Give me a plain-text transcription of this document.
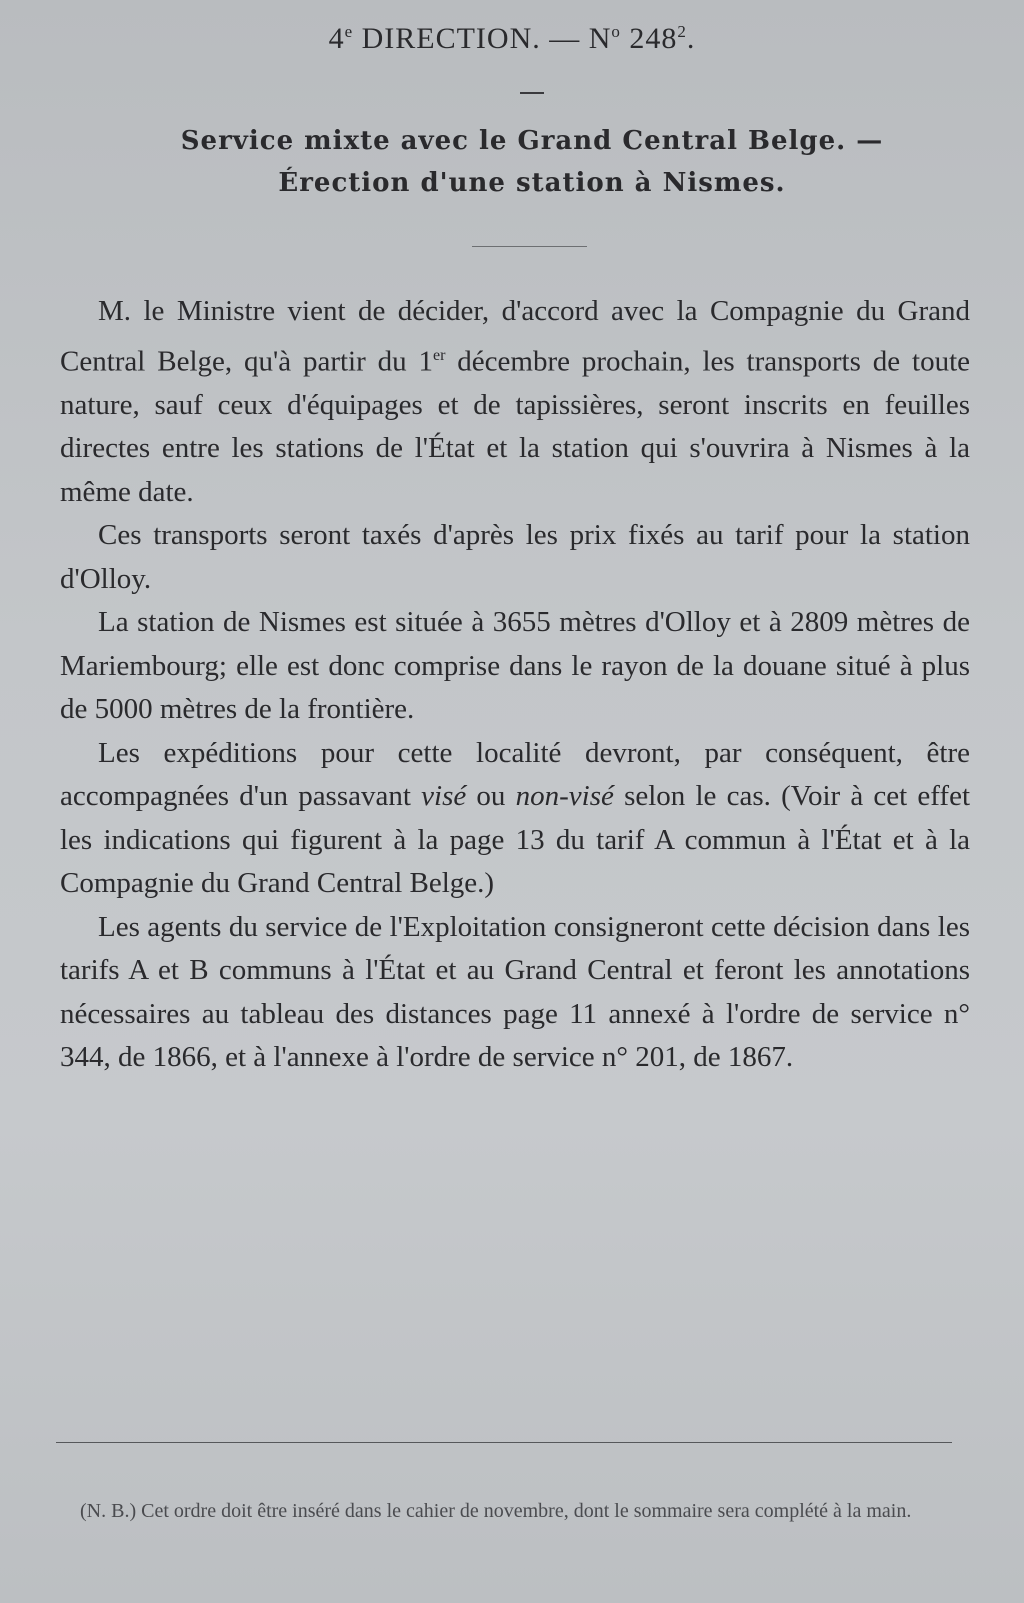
4e DIRECTION. — $N^o$ $248^2$.
Service mixte avec le Grand Central Belge. —
Érection d'une station à Nismes.

M. le Ministre vient de décider, d'accord avec la Compagnie du Grand Central Belge, qu'à partir du 1er décembre prochain, les transports de toute nature, sauf ceux d'équipages et de tapissières, seront inscrits en feuilles directes entre les stations de l'État et la station qui s'ouvrira à Nismes à la même date.

Ces transports seront taxés d'après les prix fixés au tarif pour la station d'Olloy.

La station de Nismes est située à 3655 mètres d'Olloy et à 2809 mètres de Mariembourg; elle est donc comprise dans le rayon de la douane situé à plus de 5000 mètres de la frontière.

Les expéditions pour cette localité devront, par conséquent, être accompagnées d'un passavant visé ou non-visé selon le cas. (Voir à cet effet les indications qui figurent à la page 13 du tarif A commun à l'État et à la Compagnie du Grand Central Belge.)

Les agents du service de l'Exploitation consigneront cette décision dans les tarifs A et B communs à l'État et au Grand Central et feront les annotations nécessaires au tableau des distances page 11 annexé à l'ordre de service n° 344, de 1866, et à l'annexe à l'ordre de service n° 201, de 1867.

(N. B.) Cet ordre doit être inséré dans le cahier de novembre, dont le sommaire sera complété à la main.
